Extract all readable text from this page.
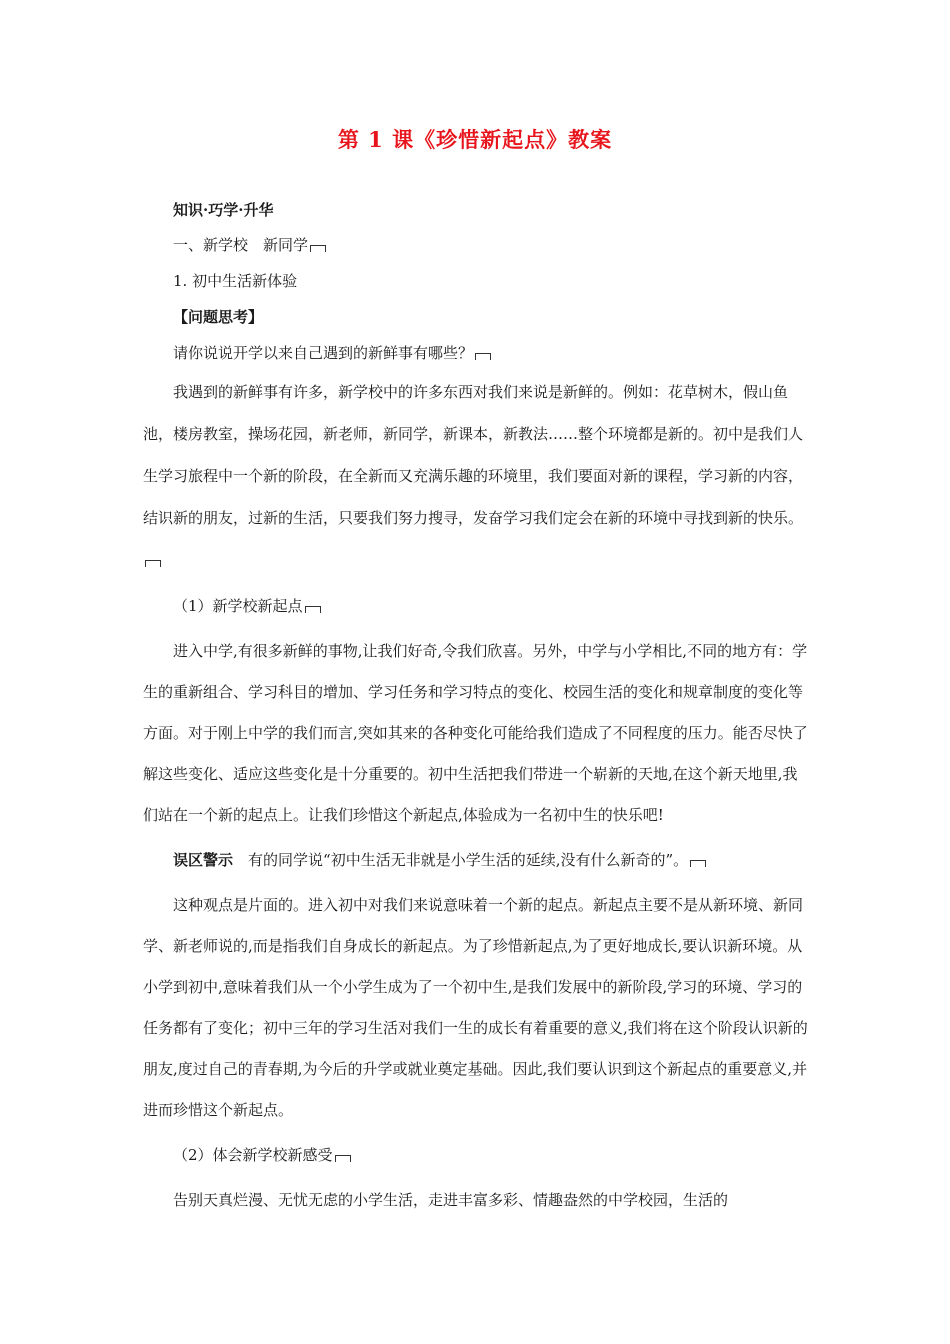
第 1 课《珍惜新起点》教案

知识·巧学·升华

一、新学校　新同学

1. 初中生活新体验

【问题思考】

请你说说开学以来自己遇到的新鲜事有哪些？

我遇到的新鲜事有许多，新学校中的许多东西对我们来说是新鲜的。例如：花草树木，假山鱼池，楼房教室，操场花园，新老师，新同学，新课本，新教法……整个环境都是新的。初中是我们人生学习旅程中一个新的阶段，在全新而又充满乐趣的环境里，我们要面对新的课程，学习新的内容，结识新的朋友，过新的生活，只要我们努力搜寻，发奋学习我们定会在新的环境中寻找到新的快乐。

（1）新学校新起点

进入中学,有很多新鲜的事物,让我们好奇,令我们欣喜。另外，中学与小学相比,不同的地方有：学生的重新组合、学习科目的增加、学习任务和学习特点的变化、校园生活的变化和规章制度的变化等方面。对于刚上中学的我们而言,突如其来的各种变化可能给我们造成了不同程度的压力。能否尽快了解这些变化、适应这些变化是十分重要的。初中生活把我们带进一个崭新的天地,在这个新天地里,我们站在一个新的起点上。让我们珍惜这个新起点,体验成为一名初中生的快乐吧!

误区警示　 有的同学说“初中生活无非就是小学生活的延续,没有什么新奇的”。

这种观点是片面的。进入初中对我们来说意味着一个新的起点。新起点主要不是从新环境、新同学、新老师说的,而是指我们自身成长的新起点。为了珍惜新起点,为了更好地成长,要认识新环境。从小学到初中,意味着我们从一个小学生成为了一个初中生,是我们发展中的新阶段,学习的环境、学习的任务都有了变化；初中三年的学习生活对我们一生的成长有着重要的意义,我们将在这个阶段认识新的朋友,度过自己的青春期,为今后的升学或就业奠定基础。因此,我们要认识到这个新起点的重要意义,并进而珍惜这个新起点。

（2）体会新学校新感受

告别天真烂漫、无忧无虑的小学生活，走进丰富多彩、情趣盎然的中学校园，生活的
